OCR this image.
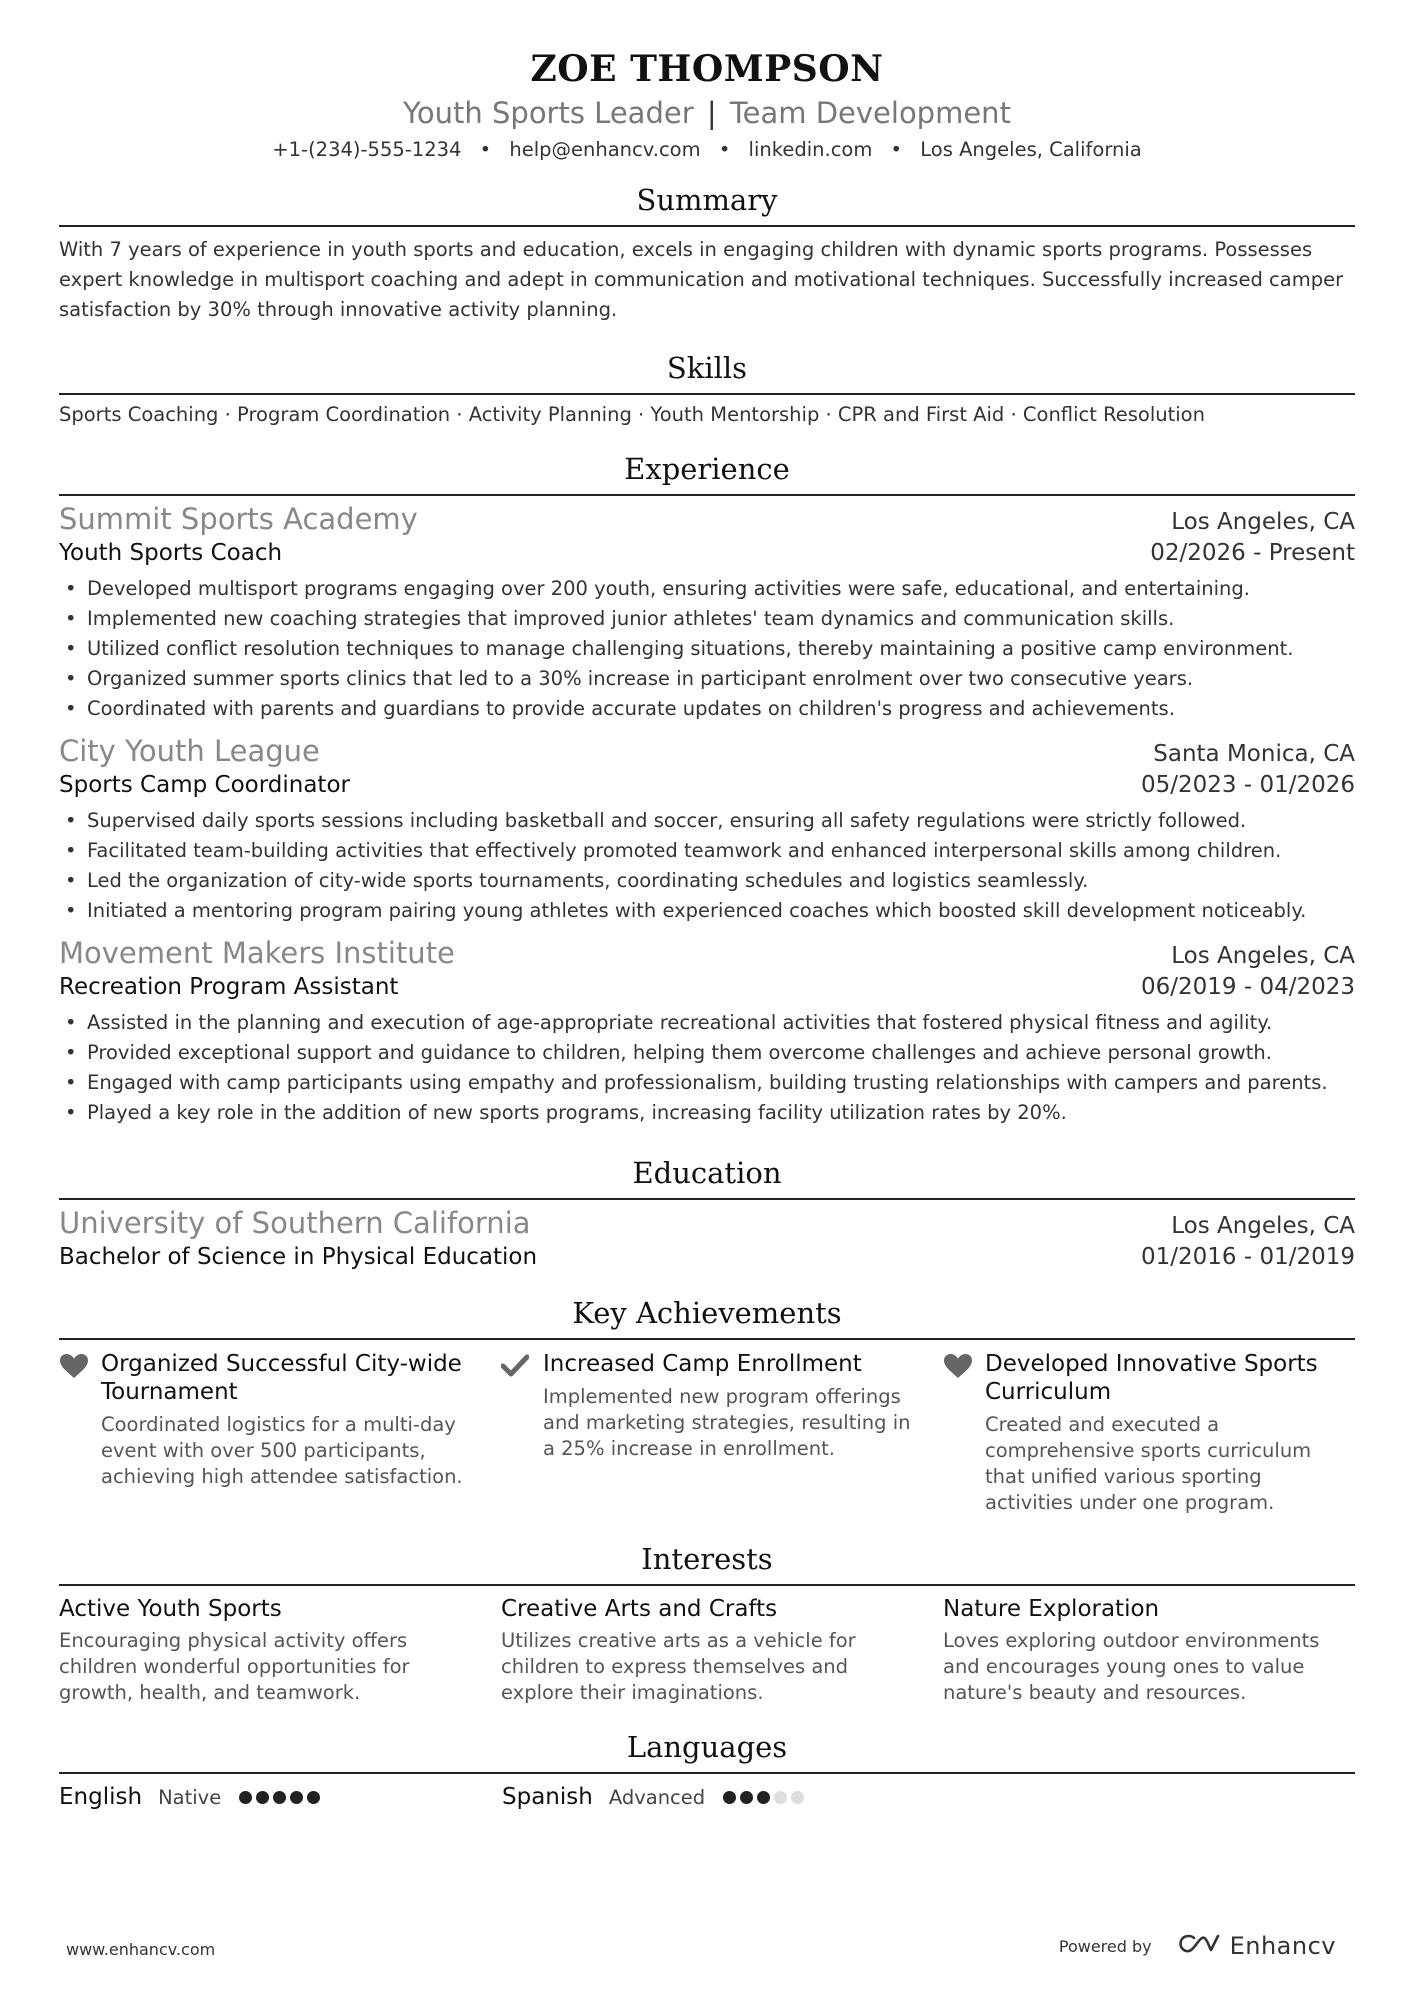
ZOE THOMPSON
Youth Sports Leader | Team Development
+1-(234)-555-1234 • help@enhancv.com • linkedin.com • Los Angeles, California
Summary
With 7 years of experience in youth sports and education, excels in engaging children with dynamic sports programs. Possesses expert knowledge in multisport coaching and adept in communication and motivational techniques. Successfully increased camper satisfaction by 30% through innovative activity planning.
Skills
Sports Coaching · Program Coordination · Activity Planning · Youth Mentorship · CPR and First Aid · Conflict Resolution
Experience
Summit Sports Academy	Los Angeles, CA
Youth Sports Coach	02/2026 - Present
• Developed multisport programs engaging over 200 youth, ensuring activities were safe, educational, and entertaining.
• Implemented new coaching strategies that improved junior athletes' team dynamics and communication skills.
• Utilized conflict resolution techniques to manage challenging situations, thereby maintaining a positive camp environment.
• Organized summer sports clinics that led to a 30% increase in participant enrolment over two consecutive years.
• Coordinated with parents and guardians to provide accurate updates on children's progress and achievements.
City Youth League	Santa Monica, CA
Sports Camp Coordinator	05/2023 - 01/2026
• Supervised daily sports sessions including basketball and soccer, ensuring all safety regulations were strictly followed.
• Facilitated team-building activities that effectively promoted teamwork and enhanced interpersonal skills among children.
• Led the organization of city-wide sports tournaments, coordinating schedules and logistics seamlessly.
• Initiated a mentoring program pairing young athletes with experienced coaches which boosted skill development noticeably.
Movement Makers Institute	Los Angeles, CA
Recreation Program Assistant	06/2019 - 04/2023
• Assisted in the planning and execution of age-appropriate recreational activities that fostered physical fitness and agility.
• Provided exceptional support and guidance to children, helping them overcome challenges and achieve personal growth.
• Engaged with camp participants using empathy and professionalism, building trusting relationships with campers and parents.
• Played a key role in the addition of new sports programs, increasing facility utilization rates by 20%.
Education
University of Southern California	Los Angeles, CA
Bachelor of Science in Physical Education	01/2016 - 01/2019
Key Achievements
Organized Successful City-wide Tournament
Coordinated logistics for a multi-day event with over 500 participants, achieving high attendee satisfaction.
Increased Camp Enrollment
Implemented new program offerings and marketing strategies, resulting in a 25% increase in enrollment.
Developed Innovative Sports Curriculum
Created and executed a comprehensive sports curriculum that unified various sporting activities under one program.
Interests
Active Youth Sports
Encouraging physical activity offers children wonderful opportunities for growth, health, and teamwork.
Creative Arts and Crafts
Utilizes creative arts as a vehicle for children to express themselves and explore their imaginations.
Nature Exploration
Loves exploring outdoor environments and encourages young ones to value nature's beauty and resources.
Languages
English Native	Spanish Advanced
www.enhancv.com	Powered by	Enhancv
